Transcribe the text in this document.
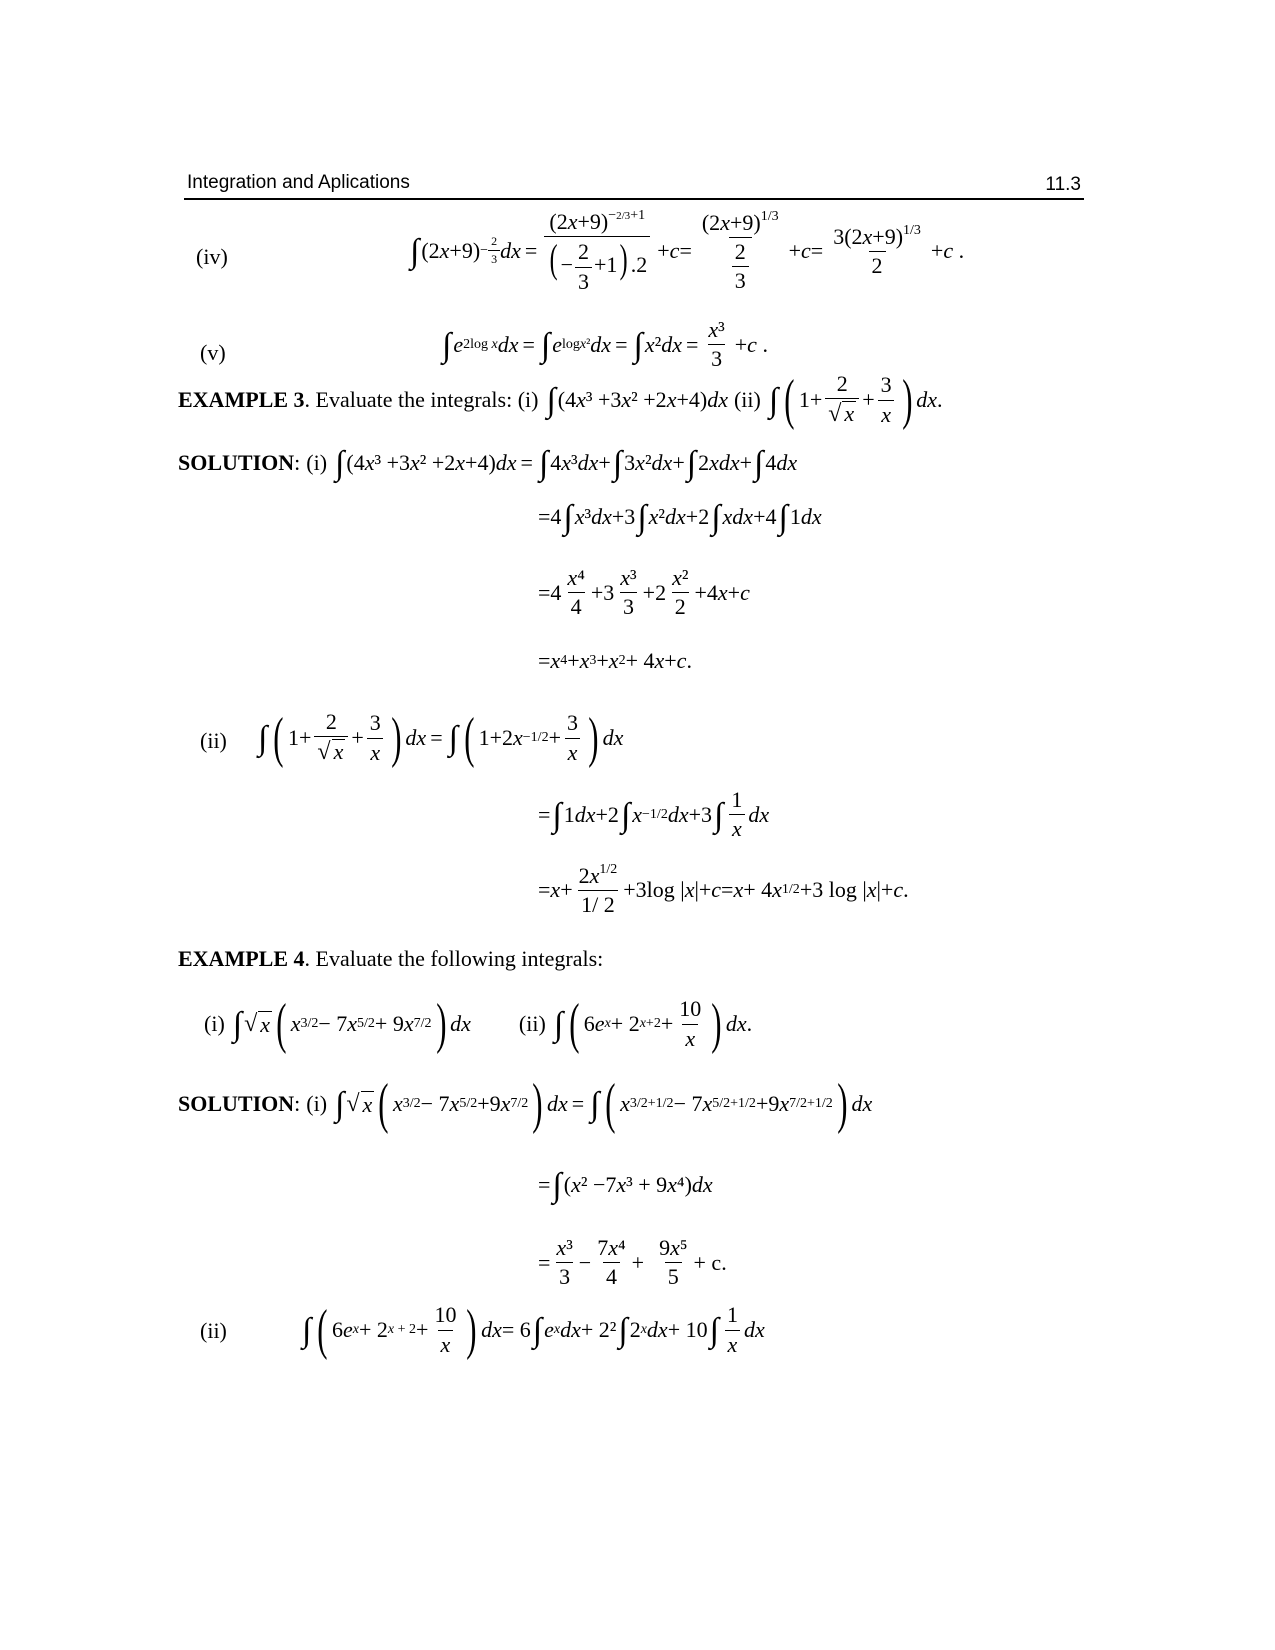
Integration and Aplications	11.3
(iv)	∫ (2 $x +9) - \frac{2}{3}$ dx = $\frac{(2x+9)^{-2/3+1}}{( - \frac{2}{3} +1) .2} +c= \frac{(2x+9)^{1/3}}{\frac{2}{3}} +c= \frac{3(2x+9)^{1/3}}{2} +c$ .
(v)	∫ e 2log x dx = ∫ e logx² dx = ∫ x ² dx = $\frac{\text{x³}}{3} +c$ .
EXAMPLE 3 . Evaluate the integrals: (i) ∫ (4 x ³ +3 x ² +2 x +4) dx (ii) ∫ ( 1+
2
√ x
+
3
x ) dx .
SOLUTION : (i) ∫ (4 x ³ +3 x ² +2 x +4) dx = ∫ 4 x ³ dx + ∫ 3 x ² dx + ∫ 2 xdx + ∫ 4 dx
=4 ∫ x ³ dx +3 ∫ x ² dx +2 ∫ xdx +4 ∫ 1 dx
=4
x⁴
4
+3
x³
3
+2
x²
2
+4 x + c
= x 4 + x 3 + x 2 + 4 x + c .
(ii) ∫ ( 1+
2
√ x
+
3
x ) dx = ∫ ( 1+2 x −1/2 +
3
x ) dx
= ∫ 1 dx +2 ∫ x −1/2 dx +3 ∫ 1
x
dx
= x +
$2x^{1/2}$
1/ 2
+3log | x |+ c = x + 4 x 1/2 +3 log | x |+ c .
EXAMPLE 4 . Evaluate the following integrals:
(i) ∫ √ x ( x 3/2 − 7 x 5/2 + 9 x 7/2 ) dx (ii) ∫ ( 6 e x + 2 x+2 +
10
x ) dx .
SOLUTION : (i) ∫ √ x ( x 3/2 − 7 x 5/2 +9 x 7/2 ) dx = ∫ ( x 3/2+1/2 − 7 x 5/2+1/2 +9 x 7/2+1/2 ) dx
= ∫ ( x ² −7 x ³ + 9 x ⁴) dx
=
x³
3
−
7x⁴
4
+
9x⁵
5
+ c.
(ii) ∫ ( 6 e x + 2 x + 2 +
10
x ) dx = 6 ∫ e x dx + 2² ∫ 2 x dx + 10 ∫ 1
x
dx
